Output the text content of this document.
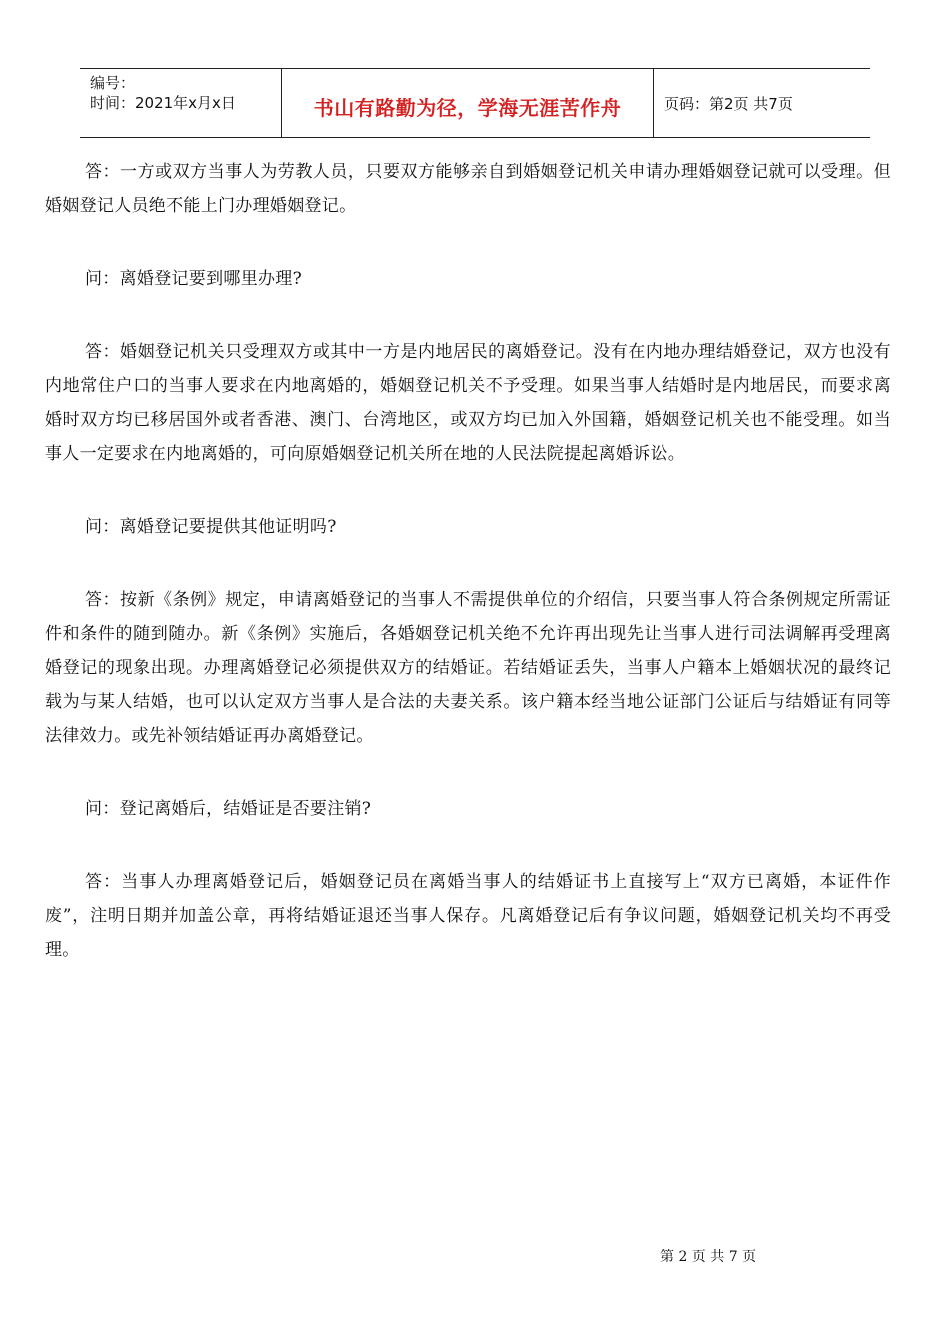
编号：
时间：2021年x月x日	书山有路勤为径，学海无涯苦作舟	页码：第2页 共7页

答：一方或双方当事人为劳教人员，只要双方能够亲自到婚姻登记机关申请办理婚姻登记就可以受理。但婚姻登记人员绝不能上门办理婚姻登记。

问：离婚登记要到哪里办理?

答：婚姻登记机关只受理双方或其中一方是内地居民的离婚登记。没有在内地办理结婚登记，双方也没有内地常住户口的当事人要求在内地离婚的，婚姻登记机关不予受理。如果当事人结婚时是内地居民，而要求离婚时双方均已移居国外或者香港、澳门、台湾地区，或双方均已加入外国籍，婚姻登记机关也不能受理。如当事人一定要求在内地离婚的，可向原婚姻登记机关所在地的人民法院提起离婚诉讼。

问：离婚登记要提供其他证明吗?

答：按新《条例》规定，申请离婚登记的当事人不需提供单位的介绍信，只要当事人符合条例规定所需证件和条件的随到随办。新《条例》实施后，各婚姻登记机关绝不允许再出现先让当事人进行司法调解再受理离婚登记的现象出现。办理离婚登记必须提供双方的结婚证。若结婚证丢失，当事人户籍本上婚姻状况的最终记载为与某人结婚，也可以认定双方当事人是合法的夫妻关系。该户籍本经当地公证部门公证后与结婚证有同等法律效力。或先补领结婚证再办离婚登记。

问：登记离婚后，结婚证是否要注销?

答：当事人办理离婚登记后，婚姻登记员在离婚当事人的结婚证书上直接写上“双方已离婚，本证件作废”，注明日期并加盖公章，再将结婚证退还当事人保存。凡离婚登记后有争议问题，婚姻登记机关均不再受理。

第 2 页 共 7 页
